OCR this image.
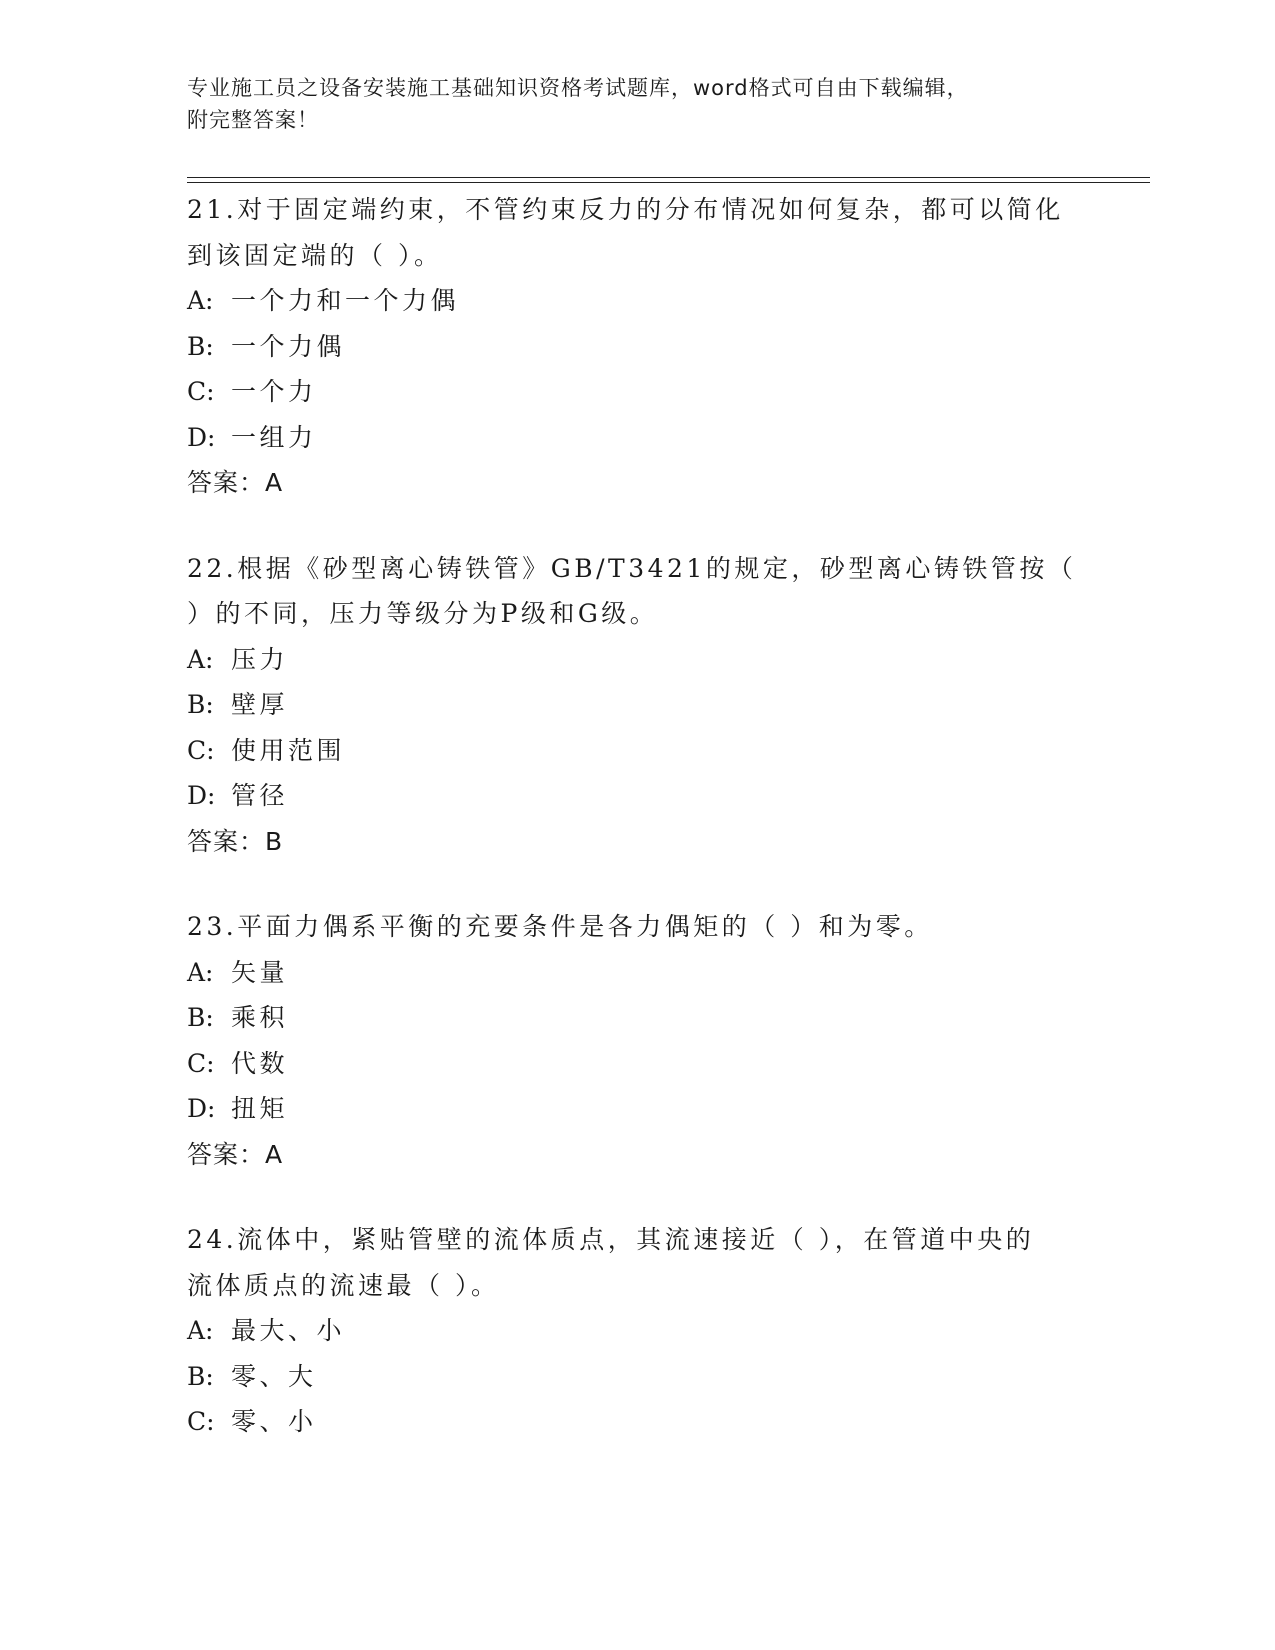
专业施工员之设备安装施工基础知识资格考试题库，word格式可自由下载编辑，
附完整答案！
21.对于固定端约束，不管约束反力的分布情况如何复杂，都可以简化
到该固定端的（ ）。
A: 一个力和一个力偶
B: 一个力偶
C: 一个力
D: 一组力
答案：A
22.根据《砂型离心铸铁管》GB/T3421的规定，砂型离心铸铁管按（
）的不同，压力等级分为P级和G级。
A: 压力
B: 壁厚
C: 使用范围
D: 管径
答案：B
23.平面力偶系平衡的充要条件是各力偶矩的（ ）和为零。
A: 矢量
B: 乘积
C: 代数
D: 扭矩
答案：A
24.流体中，紧贴管壁的流体质点，其流速接近（ ），在管道中央的
流体质点的流速最（ ）。
A: 最大、小
B: 零、大
C: 零、小
